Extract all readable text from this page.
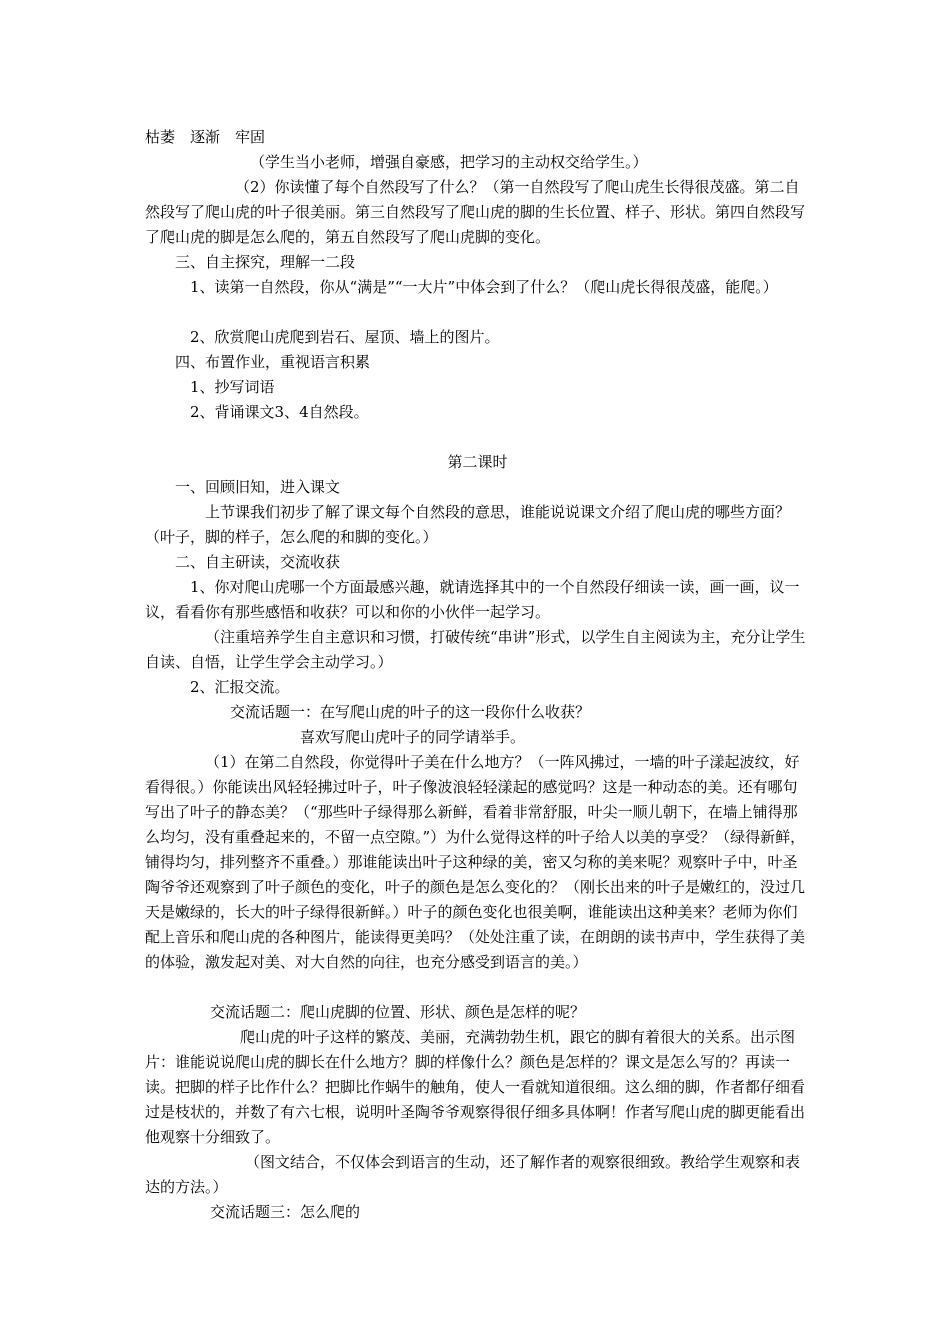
枯萎　逐渐　牢固

（学生当小老师，增强自豪感，把学习的主动权交给学生。）

（2）你读懂了每个自然段写了什么？（第一自然段写了爬山虎生长得很茂盛。第二自然段写了爬山虎的叶子很美丽。第三自然段写了爬山虎的脚的生长位置、样子、形状。第四自然段写了爬山虎的脚是怎么爬的，第五自然段写了爬山虎脚的变化。

三、自主探究，理解一二段

1、读第一自然段，你从“满是”“一大片”中体会到了什么？（爬山虎长得很茂盛，能爬。）

2、欣赏爬山虎爬到岩石、屋顶、墙上的图片。

四、布置作业，重视语言积累

1、抄写词语

2、背诵课文3、4自然段。

第二课时

一、回顾旧知，进入课文

上节课我们初步了解了课文每个自然段的意思，谁能说说课文介绍了爬山虎的哪些方面？（叶子，脚的样子，怎么爬的和脚的变化。）

二、自主研读，交流收获

1、你对爬山虎哪一个方面最感兴趣，就请选择其中的一个自然段仔细读一读，画一画，议一议，看看你有那些感悟和收获？可以和你的小伙伴一起学习。

（注重培养学生自主意识和习惯，打破传统“串讲”形式，以学生自主阅读为主，充分让学生自读、自悟，让学生学会主动学习。）

2、汇报交流。

交流话题一：在写爬山虎的叶子的这一段你什么收获？

喜欢写爬山虎叶子的同学请举手。

（1）在第二自然段，你觉得叶子美在什么地方？（一阵风拂过，一墙的叶子漾起波纹，好看得很。）你能读出风轻轻拂过叶子，叶子像波浪轻轻漾起的感觉吗？这是一种动态的美。还有哪句写出了叶子的静态美？（“那些叶子绿得那么新鲜，看着非常舒服，叶尖一顺儿朝下，在墙上铺得那么均匀，没有重叠起来的，不留一点空隙。”）为什么觉得这样的叶子给人以美的享受？（绿得新鲜，铺得均匀，排列整齐不重叠。）那谁能读出叶子这种绿的美，密又匀称的美来呢？观察叶子中，叶圣陶爷爷还观察到了叶子颜色的变化，叶子的颜色是怎么变化的？（刚长出来的叶子是嫩红的，没过几天是嫩绿的，长大的叶子绿得很新鲜。）叶子的颜色变化也很美啊，谁能读出这种美来？老师为你们配上音乐和爬山虎的各种图片，能读得更美吗？（处处注重了读，在朗朗的读书声中，学生获得了美的体验，激发起对美、对大自然的向往，也充分感受到语言的美。）

交流话题二：爬山虎脚的位置、形状、颜色是怎样的呢？

爬山虎的叶子这样的繁茂、美丽，充满勃勃生机，跟它的脚有着很大的关系。出示图片：谁能说说爬山虎的脚长在什么地方？脚的样像什么？颜色是怎样的？课文是怎么写的？再读一读。把脚的样子比作什么？把脚比作蜗牛的触角，使人一看就知道很细。这么细的脚，作者都仔细看过是枝状的，并数了有六七根，说明叶圣陶爷爷观察得很仔细多具体啊！作者写爬山虎的脚更能看出他观察十分细致了。

（图文结合，不仅体会到语言的生动，还了解作者的观察很细致。教给学生观察和表达的方法。）

交流话题三：怎么爬的
